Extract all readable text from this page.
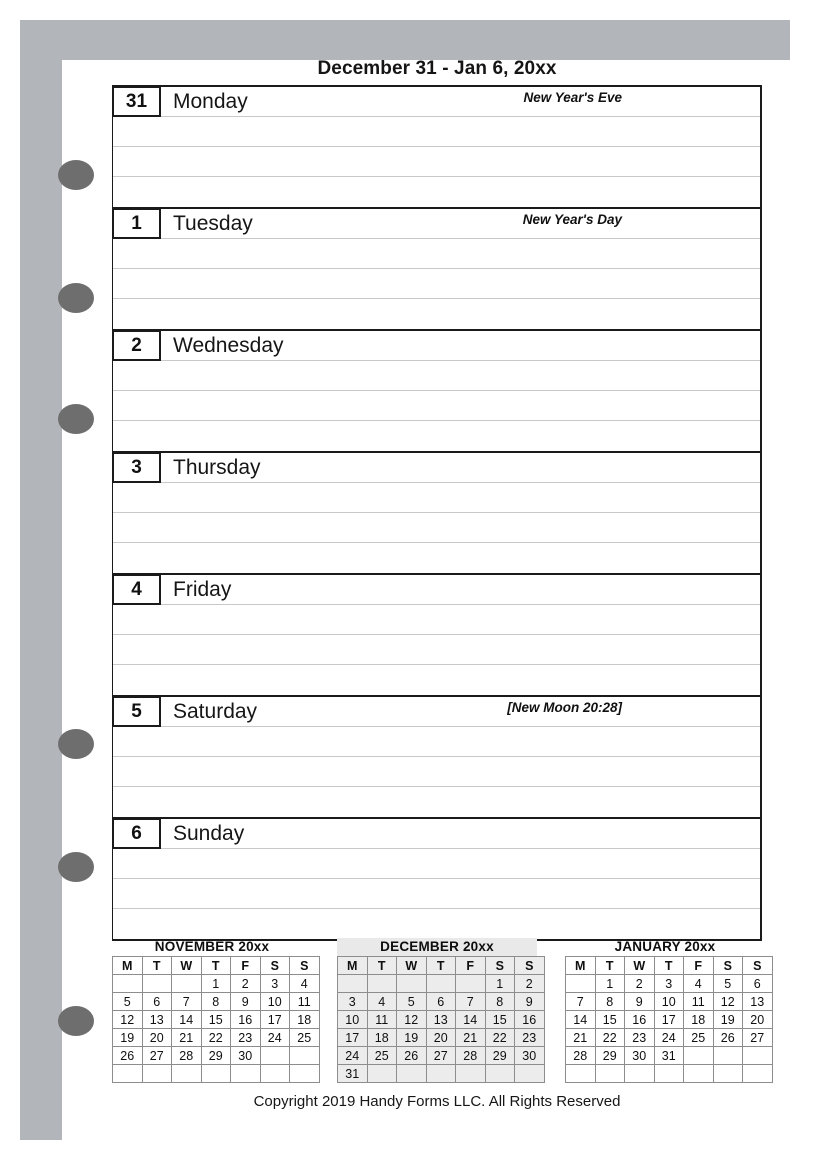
December 31 - Jan 6, 20xx
31	Monday	New Year's Eve
1	Tuesday	New Year's Day
2	Wednesday
3	Thursday
4	Friday
5	Saturday	[New Moon 20:28]
6	Sunday
NOVEMBER 20xx
M	T	W	T	F	S	S
			1	2	3	4
5	6	7	8	9	10	11
12	13	14	15	16	17	18
19	20	21	22	23	24	25
26	27	28	29	30		

DECEMBER 20xx
M	T	W	T	F	S	S
					1	2
3	4	5	6	7	8	9
10	11	12	13	14	15	16
17	18	19	20	21	22	23
24	25	26	27	28	29	30
31						
JANUARY 20xx
M	T	W	T	F	S	S
	1	2	3	4	5	6
7	8	9	10	11	12	13
14	15	16	17	18	19	20
21	22	23	24	25	26	27
28	29	30	31			

Copyright 2019 Handy Forms LLC. All Rights Reserved
